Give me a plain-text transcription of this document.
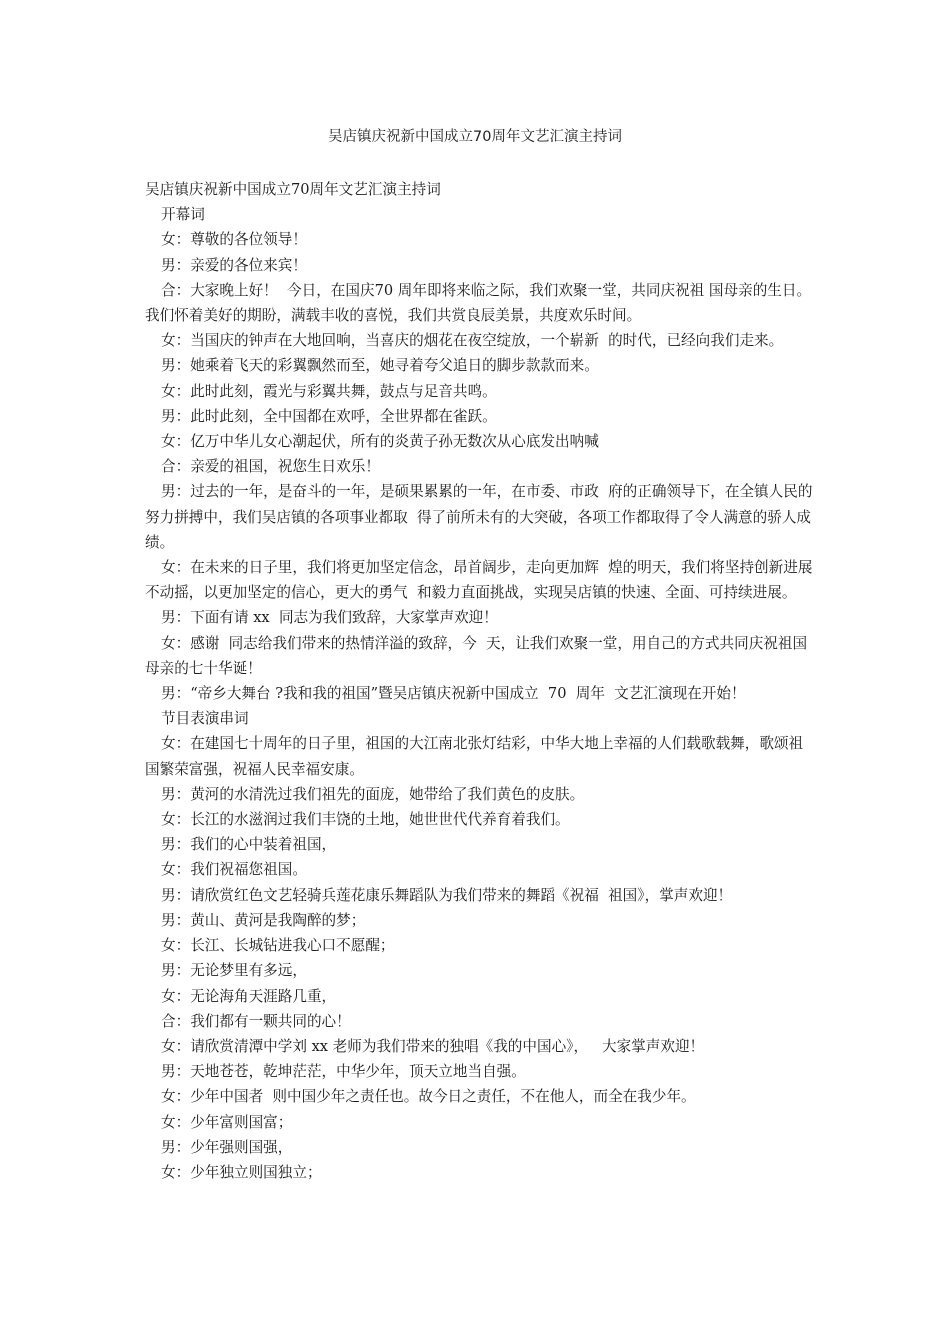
吴店镇庆祝新中国成立70周年文艺汇演主持词

吴店镇庆祝新中国成立70周年文艺汇演主持词

开幕词

女：尊敬的各位领导！

男：亲爱的各位来宾！

合：大家晚上好！  今日，在国庆70 周年即将来临之际，我们欢聚一堂，共同庆祝祖 国母亲的生日。 我们怀着美好的期盼，满载丰收的喜悦，我们共赏良辰美景，共度欢乐时间。

女：当国庆的钟声在大地回响，当喜庆的烟花在夜空绽放，一个崭新  的时代，已经向我们走来。

男：她乘着飞天的彩翼飘然而至，她寻着夸父追日的脚步款款而来。

女：此时此刻，霞光与彩翼共舞，鼓点与足音共鸣。

男：此时此刻，全中国都在欢呼，全世界都在雀跃。

女：亿万中华儿女心潮起伏，所有的炎黄子孙无数次从心底发出呐喊

合：亲爱的祖国，祝您生日欢乐！

男：过去的一年，是奋斗的一年，是硕果累累的一年，在市委、市政  府的正确领导下，在全镇人民的努力拼搏中，我们吴店镇的各项事业都取  得了前所未有的大突破，各项工作都取得了令人满意的骄人成绩。

女：在未来的日子里，我们将更加坚定信念，昂首阔步，走向更加辉  煌的明天，我们将坚持创新进展不动摇，以更加坚定的信心，更大的勇气  和毅力直面挑战，实现吴店镇的快速、全面、可持续进展。

男：下面有请 xx  同志为我们致辞，大家掌声欢迎！

女：感谢  同志给我们带来的热情洋溢的致辞，今  天，让我们欢聚一堂，用自己的方式共同庆祝祖国母亲的七十华诞！

男：“帝乡大舞台 ?我和我的祖国”暨吴店镇庆祝新中国成立  70  周年  文艺汇演现在开始！

节目表演串词

女：在建国七十周年的日子里，祖国的大江南北张灯结彩，中华大地上幸福的人们载歌载舞，歌颂祖国繁荣富强，祝福人民幸福安康。

男：黄河的水清洗过我们祖先的面庞，她带给了我们黄色的皮肤。

女：长江的水滋润过我们丰饶的土地，她世世代代养育着我们。

男：我们的心中装着祖国，

女：我们祝福您祖国。

男：请欣赏红色文艺轻骑兵莲花康乐舞蹈队为我们带来的舞蹈《祝福  祖国》，掌声欢迎！

男：黄山、黄河是我陶醉的梦；

女：长江、长城钻进我心口不愿醒；

男：无论梦里有多远，

女：无论海角天涯路几重，

合：我们都有一颗共同的心！

女：请欣赏清潭中学刘 xx 老师为我们带来的独唱《我的中国心》，   大家掌声欢迎！

男：天地苍苍，乾坤茫茫，中华少年，顶天立地当自强。

女：少年中国者  则中国少年之责任也。故今日之责任，不在他人，而全在我少年。

女：少年富则国富；

男：少年强则国强，

女：少年独立则国独立；
